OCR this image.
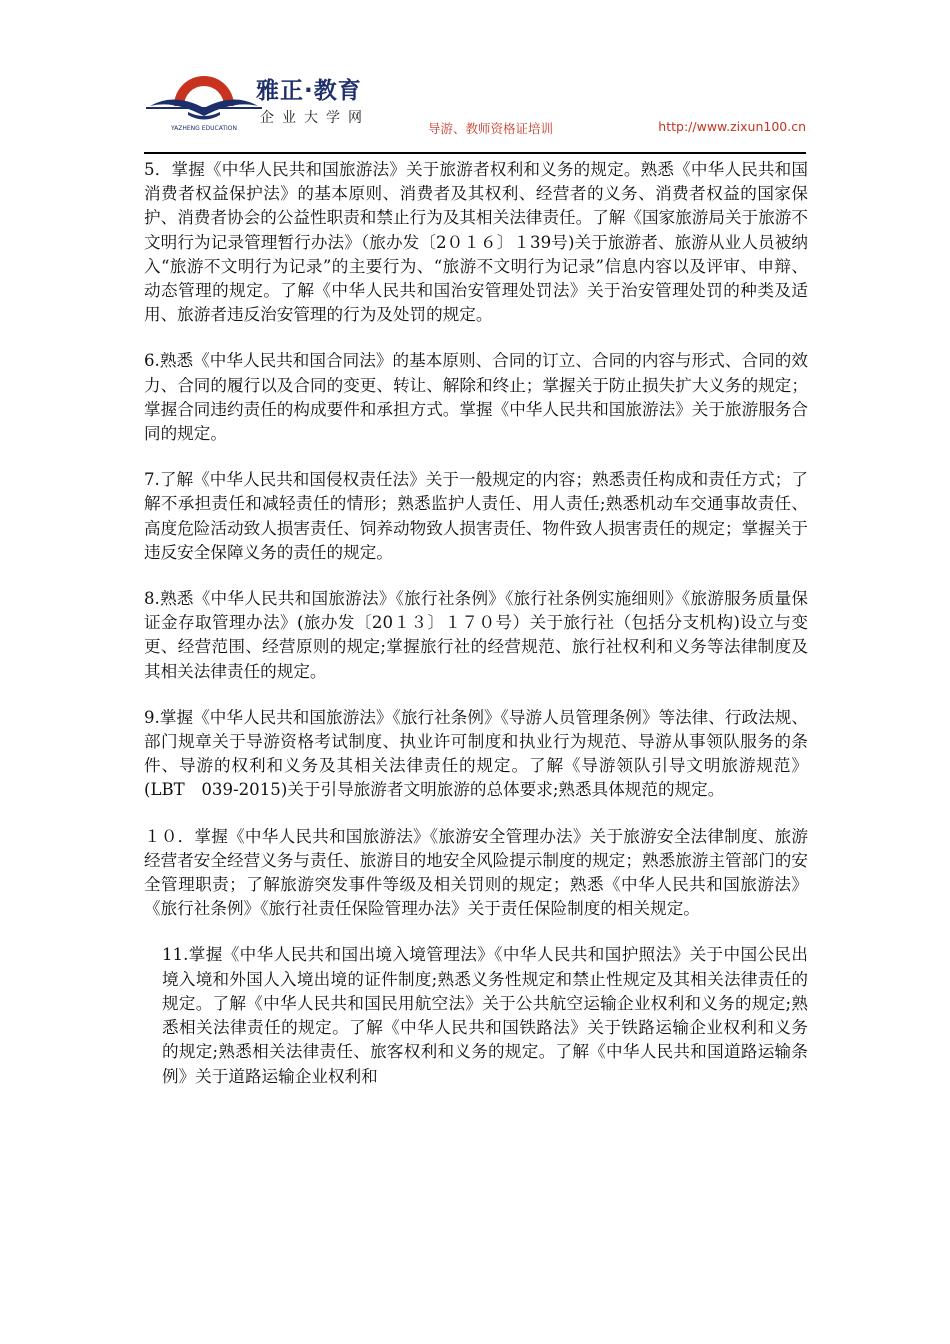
YAZHENG EDUCATION
雅正·教育
企业大学网
导游、教师资格证培训	http://www.zixun100.cn

5．掌握《中华人民共和国旅游法》关于旅游者权利和义务的规定。熟悉《中华人民共和国消费者权益保护法》的基本原则、消费者及其权利、经营者的义务、消费者权益的国家保护、消费者协会的公益性职责和禁止行为及其相关法律责任。了解《国家旅游局关于旅游不文明行为记录管理暂行办法》（旅办发〔2０１６〕１39号)关于旅游者、旅游从业人员被纳入“旅游不文明行为记录”的主要行为、“旅游不文明行为记录”信息内容以及评审、申辩、动态管理的规定。了解《中华人民共和国治安管理处罚法》关于治安管理处罚的种类及适用、旅游者违反治安管理的行为及处罚的规定。

6.熟悉《中华人民共和国合同法》的基本原则、合同的订立、合同的内容与形式、合同的效力、合同的履行以及合同的变更、转让、解除和终止；掌握关于防止损失扩大义务的规定；掌握合同违约责任的构成要件和承担方式。掌握《中华人民共和国旅游法》关于旅游服务合同的规定。

7.了解《中华人民共和国侵权责任法》关于一般规定的内容；熟悉责任构成和责任方式；了解不承担责任和减轻责任的情形；熟悉监护人责任、用人责任;熟悉机动车交通事故责任、高度危险活动致人损害责任、饲养动物致人损害责任、物件致人损害责任的规定；掌握关于违反安全保障义务的责任的规定。

8.熟悉《中华人民共和国旅游法》《旅行社条例》《旅行社条例实施细则》《旅游服务质量保证金存取管理办法》(旅办发〔20１３〕１７０号）关于旅行社（包括分支机构)设立与变更、经营范围、经营原则的规定;掌握旅行社的经营规范、旅行社权利和义务等法律制度及其相关法律责任的规定。

9.掌握《中华人民共和国旅游法》《旅行社条例》《导游人员管理条例》等法律、行政法规、部门规章关于导游资格考试制度、执业许可制度和执业行为规范、导游从事领队服务的条件、导游的权利和义务及其相关法律责任的规定。了解《导游领队引导文明旅游规范》(LBT　039-2015)关于引导旅游者文明旅游的总体要求;熟悉具体规范的规定。

１０．掌握《中华人民共和国旅游法》《旅游安全管理办法》关于旅游安全法律制度、旅游经营者安全经营义务与责任、旅游目的地安全风险提示制度的规定；熟悉旅游主管部门的安全管理职责；了解旅游突发事件等级及相关罚则的规定；熟悉《中华人民共和国旅游法》《旅行社条例》《旅行社责任保险管理办法》关于责任保险制度的相关规定。

11.掌握《中华人民共和国出境入境管理法》《中华人民共和国护照法》关于中国公民出境入境和外国人入境出境的证件制度;熟悉义务性规定和禁止性规定及其相关法律责任的规定。了解《中华人民共和国民用航空法》关于公共航空运输企业权利和义务的规定;熟悉相关法律责任的规定。了解《中华人民共和国铁路法》关于铁路运输企业权利和义务的规定;熟悉相关法律责任、旅客权利和义务的规定。了解《中华人民共和国道路运输条例》关于道路运输企业权利和
